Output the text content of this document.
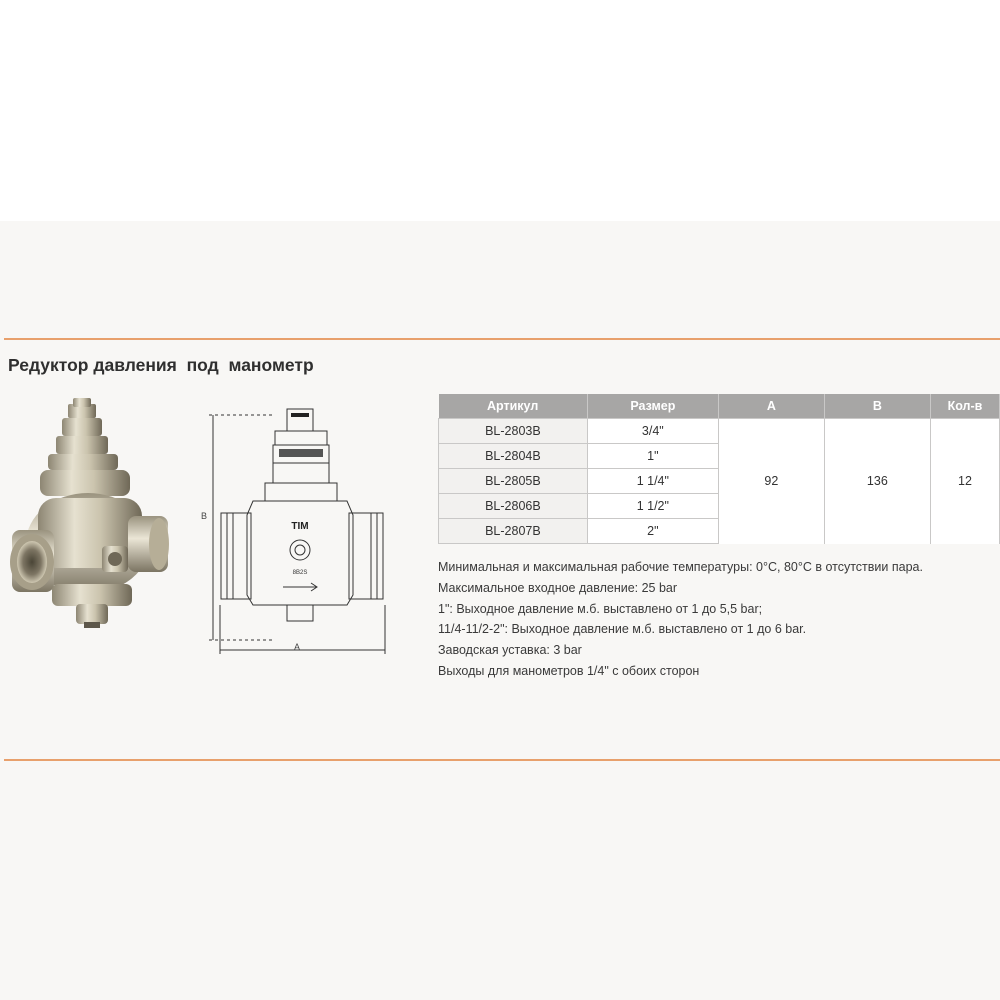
Редуктор давления  под  манометр
TIM
8B2S
B
A
Артикул	Размер	A	B	Кол-в
BL-2803B	3/4"	92	136	12
BL-2804B	1"			
BL-2805B	1 1/4"			
BL-2806B	1 1/2"			
BL-2807B	2"			
Минимальная и максимальная рабочие температуры: 0°C, 80°C в отсутствии пара.
Максимальное входное давление: 25 bar
1": Выходное давление м.б. выставлено от 1 до 5,5 bar;
11/4-11/2-2": Выходное давление м.б. выставлено от 1 до 6 bar.
Заводская уставка: 3 bar
Выходы для манометров 1/4" с обоих сторон
